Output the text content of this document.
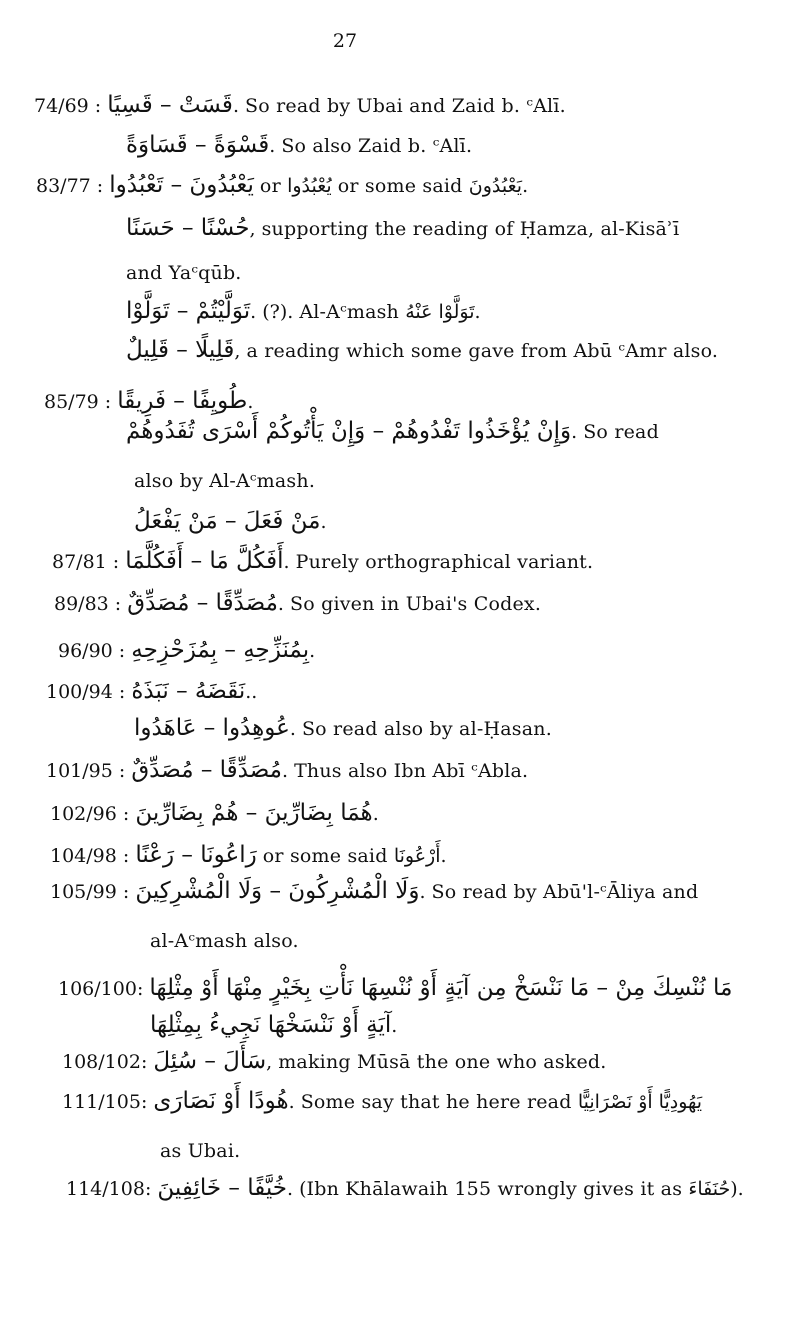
27
74/69 : قَسَتْ – قَسِيًا. So read by Ubai and Zaid b. ᶜAlī.
قَسْوَةً – قَسَاوَةً. So also Zaid b. ᶜAlī.
83/77 : يَعْبُدُونَ – تَعْبُدُوا or يُعْبُدُوا or some said يَعْبُدُونَ.
حُسْنًا – حَسَنًا, supporting the reading of Ḥamza, al-Kisāʾī
and Yaᶜqūb.
تَوَلَّيْتُمْ – تَوَلَّوْا. (?). Al-Aᶜmash تَوَلَّوْا عَنْهُ.
قَلِيلًا – قَلِيلٌ, a reading which some gave from Abū ᶜAmr also.
85/79 : طُويِفًا – فَرِيقًا.
وَإِنْ يُؤْخَذُوا تَفْدُوهُمْ – وَإِنْ يَأْتُوكُمْ أَسْرَى تُفَدُوهُمْ. So read
also by Al-Aᶜmash.
مَنْ فَعَلَ – مَنْ يَفْعَلُ.
87/81 : أَفَكُلَّ مَا – أَفَكُلَّمَا. Purely orthographical variant.
89/83 : مُصَدِّقًا – مُصَدِّقٌ. So given in Ubai's Codex.
96/90 : بِمُنَزِّحِهِ – بِمُزَحْزِحِهِ.
100/94 : نَقَضَهُ – نَبَذَهُ..
عُوهِدُوا – عَاهَدُوا. So read also by al-Ḥasan.
101/95 : مُصَدِّقًا – مُصَدِّقٌ. Thus also Ibn Abī ᶜAbla.
102/96 : هُمَا بِضَارِّينَ – هُمْ بِضَارِّينَ.
104/98 : رَاعُونَا – رَعْنًا or some said أَرْعُونَا.
105/99 : وَلَا الْمُشْرِكُونَ – وَلَا الْمُشْرِكِينَ. So read by Abū'l-ᶜĀliya and
al-Aᶜmash also.
106/100: مَا نُنْسِكَ مِنْ – مَا نَنْسَخْ مِن آيَةٍ أَوْ نُنْسِهَا نَأْتِ بِخَيْرٍ مِنْهَا أَوْ مِثْلِهَا
آيَةٍ أَوْ نَنْسَخْهَا نَجِيءُ بِمِثْلِهَا.
108/102: سَأَلَ – سُئِلَ, making Mūsā the one who asked.
111/105: هُودًا أَوْ نَصَارَى. Some say that he here read يَهُودِيًّا أَوْ نَصْرَانِيًّا
as Ubai.
114/108: خُيَّفًا – خَائِفِينَ. (Ibn Khālawaih 155 wrongly gives it as حُنَفَاءَ).
